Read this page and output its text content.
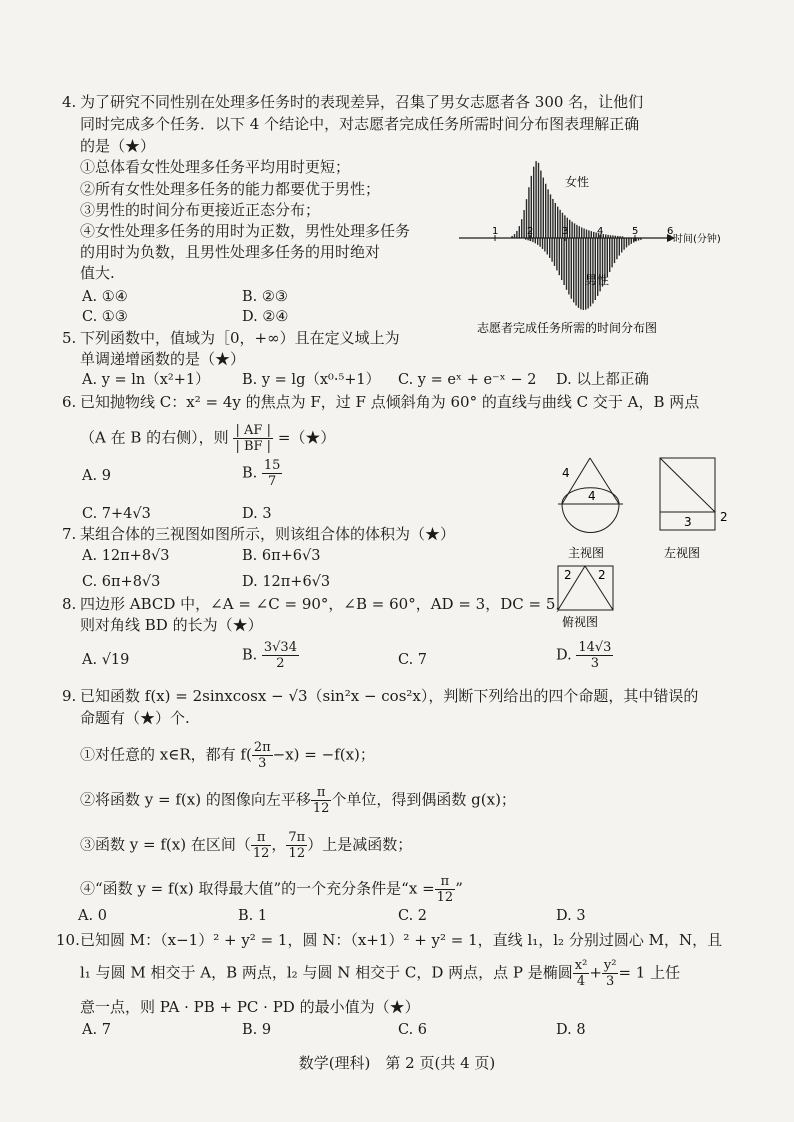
4. 为了研究不同性别在处理多任务时的表现差异，召集了男女志愿者各 300 名，让他们
同时完成多个任务．以下 4 个结论中，对志愿者完成任务所需时间分布图表理解正确
的是（★）
①总体看女性处理多任务平均用时更短；
②所有女性处理多任务的能力都要优于男性；
③男性的时间分布更接近正态分布；
④女性处理多任务的用时为正数，男性处理多任务
的用时为负数，且男性处理多任务的用时绝对
值大.
A. ①④	B. ②③
C. ①③	D. ②④
1	2	3	4	5	6
女性
男性
时间(分钟)
志愿者完成任务所需的时间分布图
5. 下列函数中，值域为［0，+∞）且在定义域上为
单调递增函数的是（★）
A. y = ln（x²+1） B. y = lg（x⁰·⁵+1） C. y = eˣ + e⁻ˣ − 2 D. 以上都正确
6. 已知抛物线 C：x² = 4y 的焦点为 F，过 F 点倾斜角为 60° 的直线与曲线 C 交于 A，B 两点
（A 在 B 的右侧），则 $\frac{| AF |}{| BF |}$ =（★）
A. 9	B. $\frac{15}{7}$
C. 7+4√3	D. 3
4
4
主视图
3 2
左视图
2 2
俯视图
7. 某组合体的三视图如图所示，则该组合体的体积为（★）
A. 12π+8√3	B. 6π+6√3
C. 6π+8√3	D. 12π+6√3
8. 四边形 ABCD 中，∠A = ∠C = 90°，∠B = 60°，AD = 3，DC = 5，
则对角线 BD 的长为（★）
A. √19	B. $\frac{3√34}{2}$	C. 7	D. $\frac{14√3}{3}$
9. 已知函数 f(x) = 2sinxcosx − √3（sin²x − cos²x），判断下列给出的四个命题，其中错误的
命题有（★）个.
①对任意的 x∈R，都有 $f( \frac{2\pi}{3} -x) = -f(x)$；
②将函数 y = f(x) 的图像向左平移 $\frac{\pi}{12}$ 个单位，得到偶函数 g(x)；
③函数 y = f(x) 在区间（ $\frac{\pi}{12}$ ， $\frac{7\pi}{12}$ ）上是减函数；
④“函数 y = f(x) 取得最大值”的一个充分条件是“$x = \frac{\pi}{12}$ ”
A. 0	B. 1	C. 2	D. 3
10. 已知圆 M：（x−1）² + y² = 1，圆 N：（x+1）² + y² = 1，直线 l₁，l₂ 分别过圆心 M，N，且
l₁ 与圆 M 相交于 A，B 两点，l₂ 与圆 N 相交于 C，D 两点，点 P 是椭圆 $\frac{\text{x²}}{4} + \frac{\text{y²}}{3} = 1$ 上任
意一点，则 PA · PB + PC · PD 的最小值为（★）
A. 7	B. 9	C. 6	D. 8
数学(理科)　第 2 页(共 4 页)
